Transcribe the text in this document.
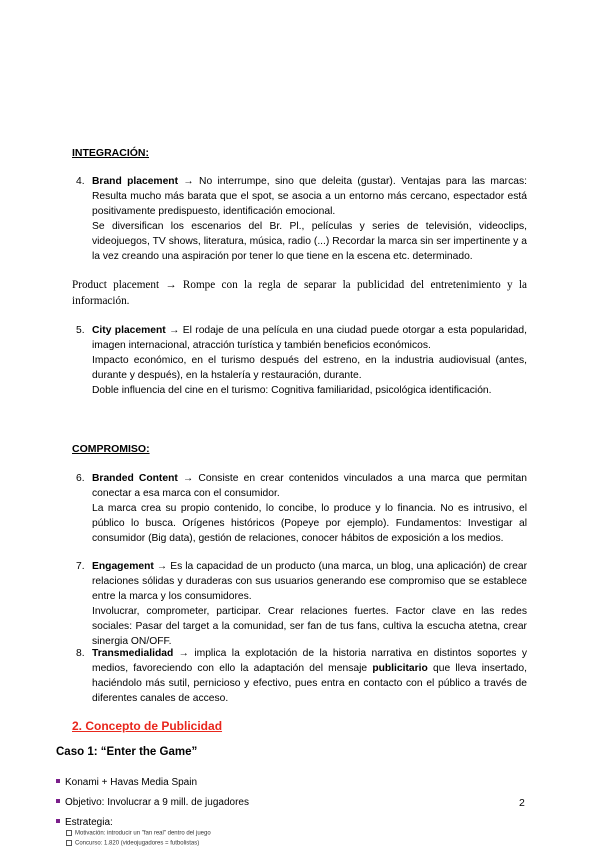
INTEGRACIÓN:
4. Brand placement → No interrumpe, sino que deleita (gustar). Ventajas para las marcas: Resulta mucho más barata que el spot, se asocia a un entorno más cercano, espectador está positivamente predispuesto, identificación emocional.

Se diversifican los escenarios del Br. Pl., películas y series de televisión, videoclips, videojuegos, TV shows, literatura, música, radio (...) Recordar la marca sin ser impertinente y a la vez creando una aspiración por tener lo que tiene en la escena etc. determinado.

Product placement → Rompe con la regla de separar la publicidad del entretenimiento y la información.
5. City placement → El rodaje de una película en una ciudad puede otorgar a esta popularidad, imagen internacional, atracción turística y también beneficios económicos.

Impacto económico, en el turismo después del estreno, en la industria audiovisual (antes, durante y después), en la hstalería y restauración, durante.

Doble influencia del cine en el turismo: Cognitiva familiaridad, psicológica identificación.

COMPROMISO:
6. Branded Content → Consiste en crear contenidos vinculados a una marca que permitan conectar a esa marca con el consumidor.

La marca crea su propio contenido, lo concibe, lo produce y lo financia. No es intrusivo, el público lo busca. Orígenes históricos (Popeye por ejemplo). Fundamentos: Investigar al consumidor (Big data), gestión de relaciones, conocer hábitos de exposición a los medios.

7. Engagement → Es la capacidad de un producto (una marca, un blog, una aplicación) de crear relaciones sólidas y duraderas con sus usuarios generando ese compromiso que se establece entre la marca y los consumidores.

Involucrar, comprometer, participar. Crear relaciones fuertes. Factor clave en las redes sociales: Pasar del target a la comunidad, ser fan de tus fans, cultiva la escucha atetna, crear sinergia ON/OFF.

8. Transmedialidad → implica la explotación de la historia narrativa en distintos soportes y medios, favoreciendo con ello la adaptación del mensaje publicitario que lleva insertado, haciéndolo más sutil, pernicioso y efectivo, pues entra en contacto con el público a través de diferentes canales de acceso.

2. Concepto de Publicidad
Caso 1: “Enter the Game”
Konami + Havas Media Spain
Objetivo: Involucrar a 9 mill. de jugadores
Estrategia:
Motivación: introducir un "fan real" dentro del juego
Concurso: 1.820 (videojugadores = futbolistas)
2
